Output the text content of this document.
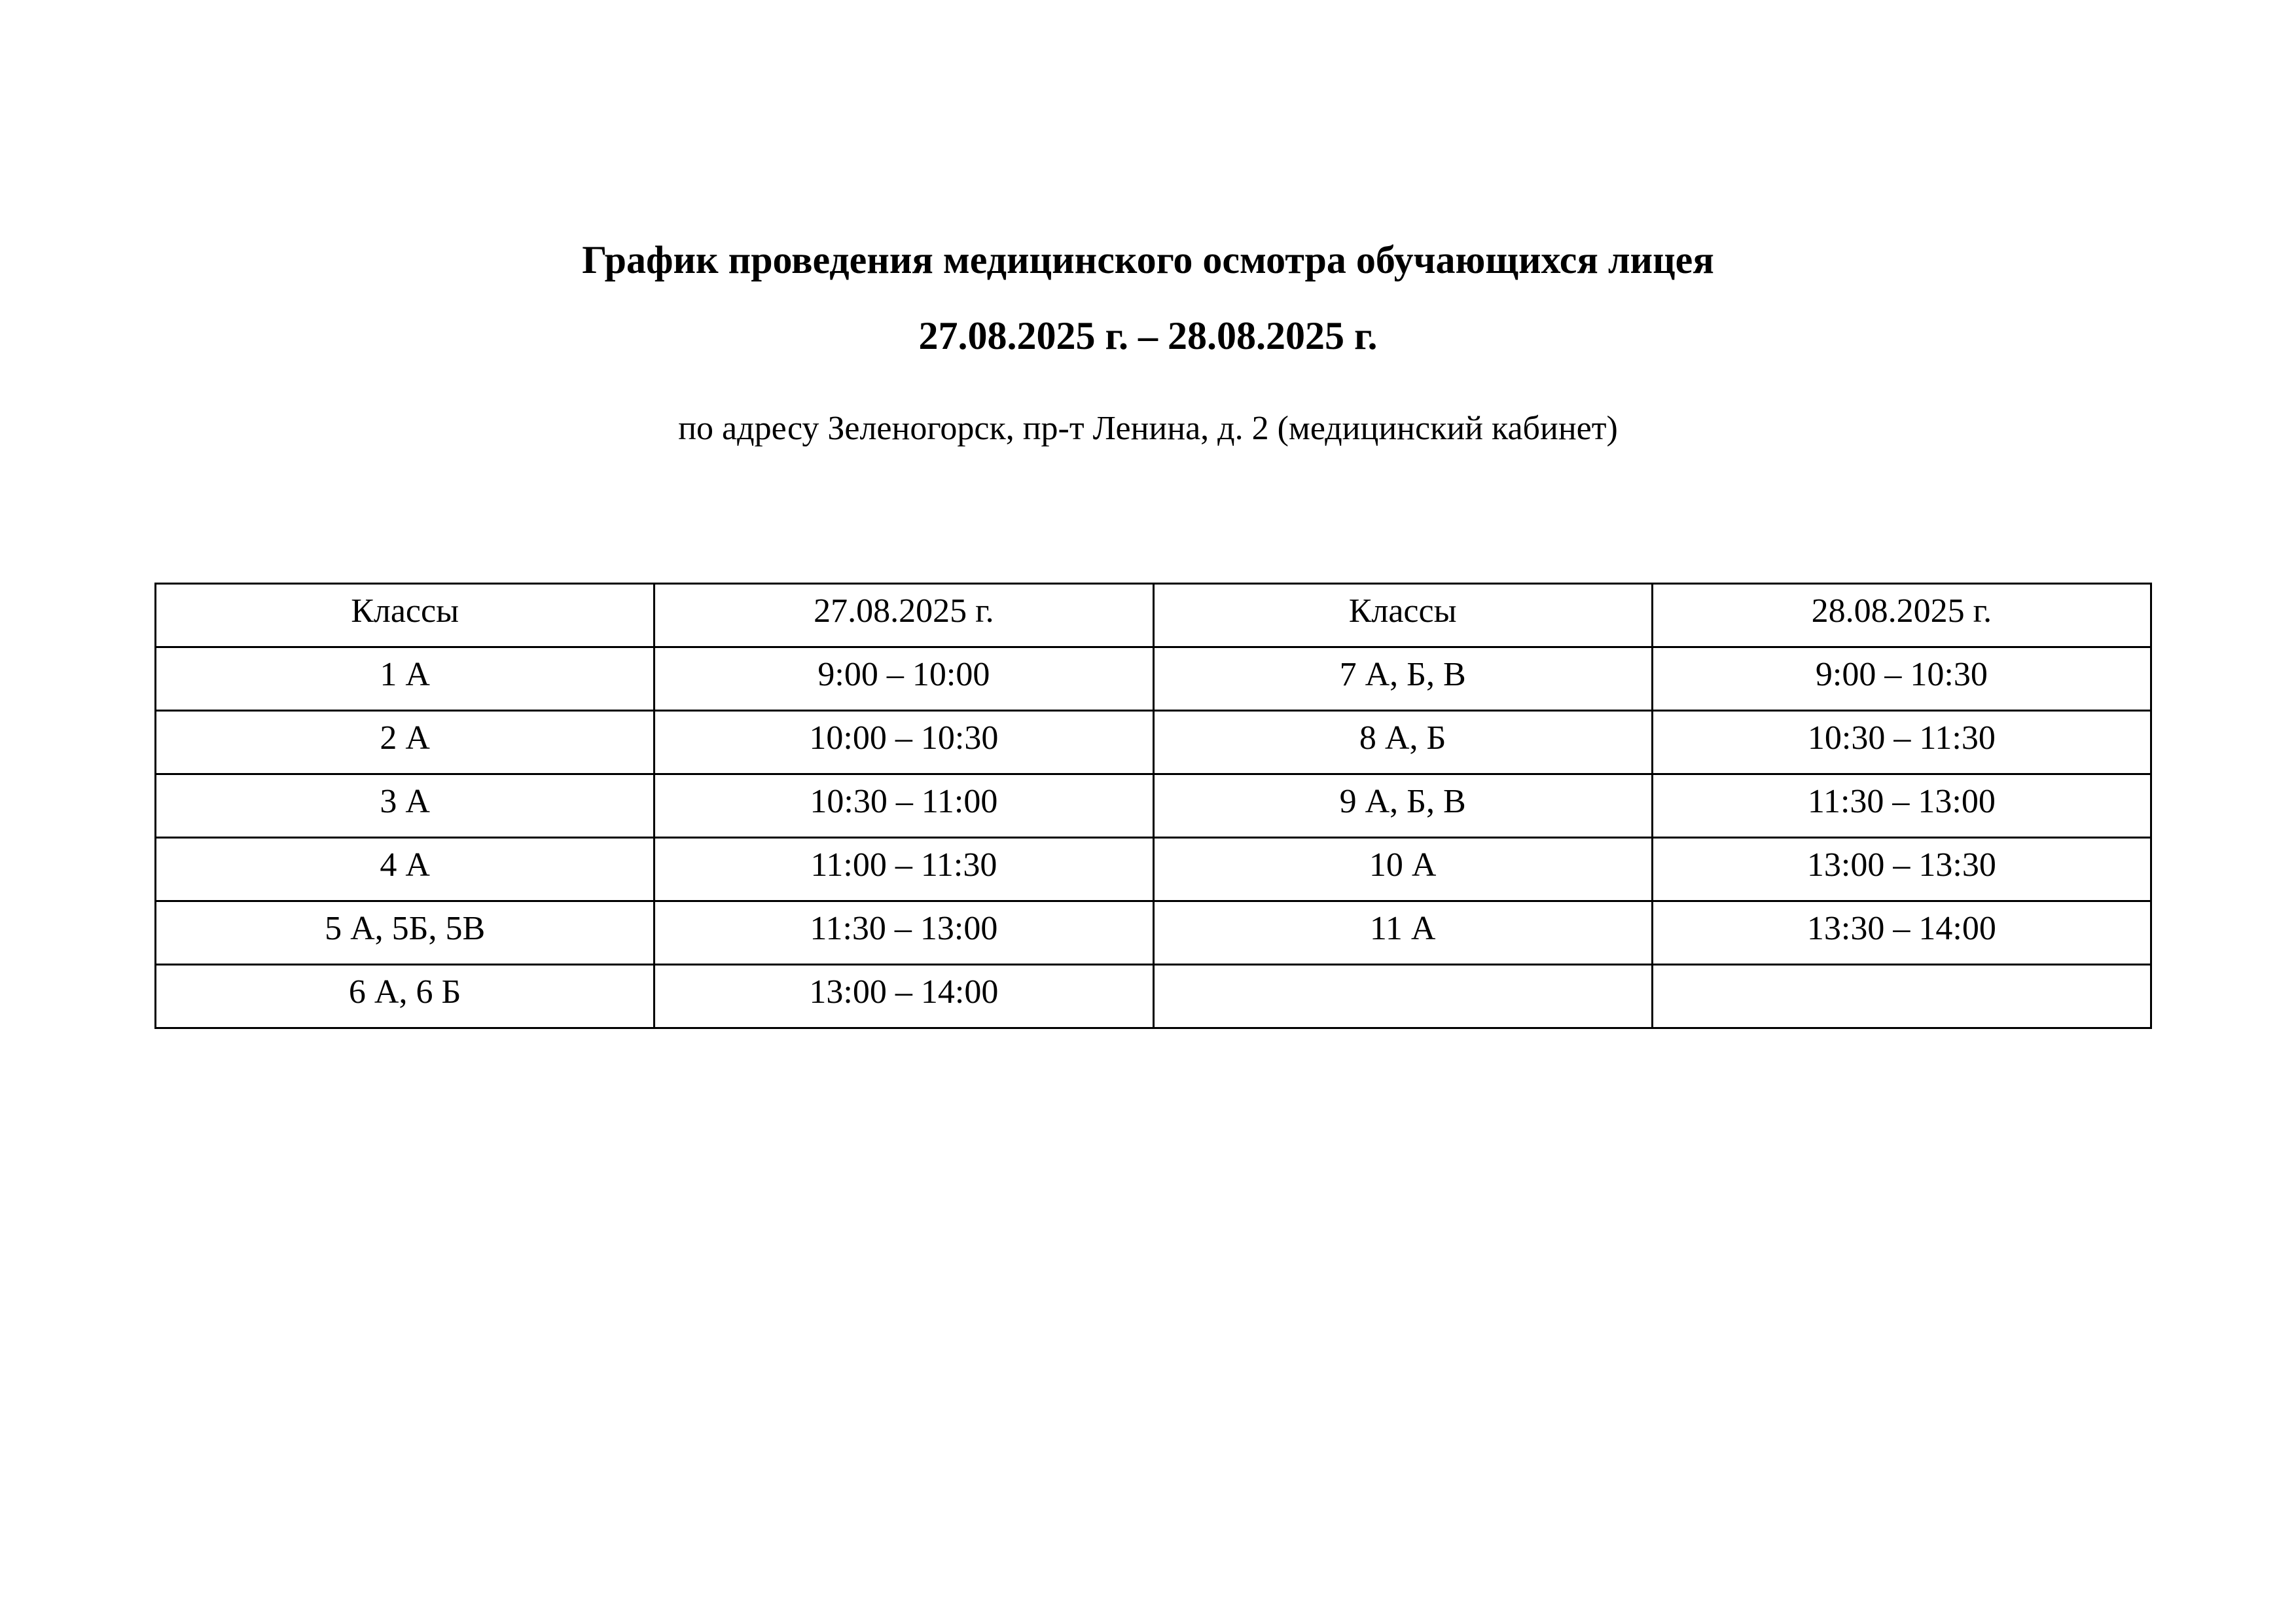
График проведения медицинского осмотра обучающихся лицея

27.08.2025 г. – 28.08.2025 г.

по адресу Зеленогорск, пр-т Ленина, д. 2 (медицинский кабинет)

Классы	27.08.2025 г.	Классы	28.08.2025 г.

1 А	9:00 – 10:00	7 А, Б, В	9:00 – 10:30

2 А	10:00 – 10:30	8 А, Б	10:30 – 11:30

3 А	10:30 – 11:00	9 А, Б, В	11:30 – 13:00

4 А	11:00 – 11:30	10 А	13:00 – 13:30

5 А, 5Б, 5В	11:30 – 13:00	11 А	13:30 – 14:00

6 А, 6 Б	13:00 – 14:00		
